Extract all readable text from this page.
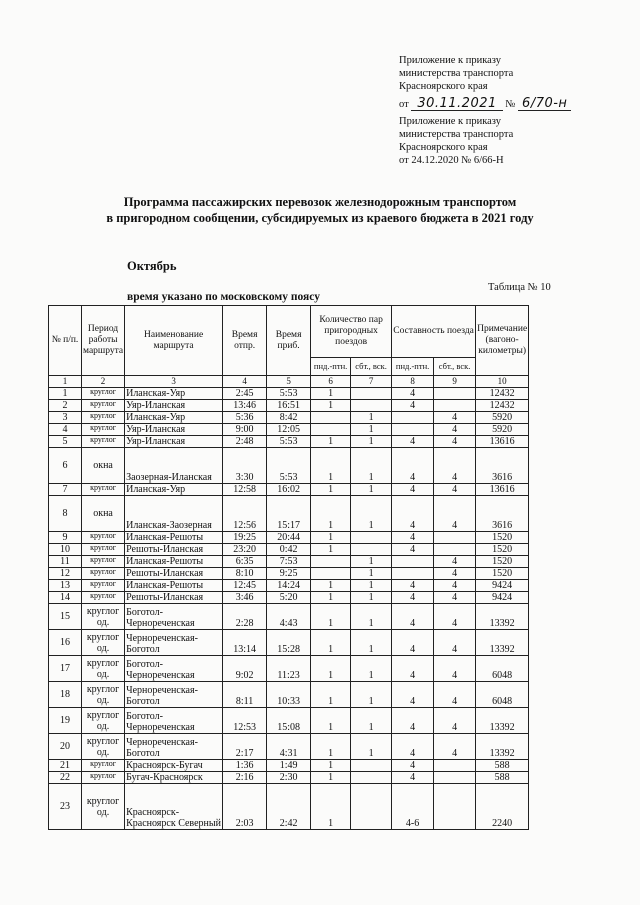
Приложение к приказу
министерства транспорта
Красноярского края
от 30.11.2021 № 6/70-н
Приложение к приказу
министерства транспорта
Красноярского края
от 24.12.2020 № 6/66-Н
Программа пассажирских перевозок железнодорожным транспортом
в пригородном сообщении, субсидируемых из краевого бюджета в 2021 году
Октябрь
Таблица № 10
время указано по московскому поясу
№ п/п.	Период работы маршрута	Наименование маршрута	Время отпр.	Время приб.	Количество пар пригородных поездов		Составность поезда		Примечание (вагоно-километры)
					пнд.-птн.	сбт., вск.	пнд.-птн.	сбт., вск.	
1	2	3	4	5	6	7	8	9	10
1	круглог	Иланская-Уяр	2:45	5:53	1		4		12432
2	круглог	Уяр-Иланская	13:46	16:51	1		4		12432
3	круглог	Иланская-Уяр	5:36	8:42		1		4	5920
4	круглог	Уяр-Иланская	9:00	12:05		1		4	5920
5	круглог	Уяр-Иланская	2:48	5:53	1	1	4	4	13616
6	окна	Заозерная-Иланская	3:30	5:53	1	1	4	4	3616
7	круглог	Иланская-Уяр	12:58	16:02	1	1	4	4	13616
8	окна	Иланская-Заозерная	12:56	15:17	1	1	4	4	3616
9	круглог	Иланская-Решоты	19:25	20:44	1		4		1520
10	круглог	Решоты-Иланская	23:20	0:42	1		4		1520
11	круглог	Иланская-Решоты	6:35	7:53		1		4	1520
12	круглог	Решоты-Иланская	8:10	9:25		1		4	1520
13	круглог	Иланская-Решоты	12:45	14:24	1	1	4	4	9424
14	круглог	Решоты-Иланская	3:46	5:20	1	1	4	4	9424
15	круглог од.	Боготол-Чернореченская	2:28	4:43	1	1	4	4	13392
16	круглог од.	Чернореченская-Боготол	13:14	15:28	1	1	4	4	13392
17	круглог од.	Боготол-Чернореченская	9:02	11:23	1	1	4	4	6048
18	круглог од.	Чернореченская-Боготол	8:11	10:33	1	1	4	4	6048
19	круглог од.	Боготол-Чернореченская	12:53	15:08	1	1	4	4	13392
20	круглог од.	Чернореченская-Боготол	2:17	4:31	1	1	4	4	13392
21	круглог	Красноярск-Бугач	1:36	1:49	1		4		588
22	круглог	Бугач-Красноярск	2:16	2:30	1		4		588
23	круглог од.	Красноярск-Красноярск Северный	2:03	2:42	1		4-6		2240
